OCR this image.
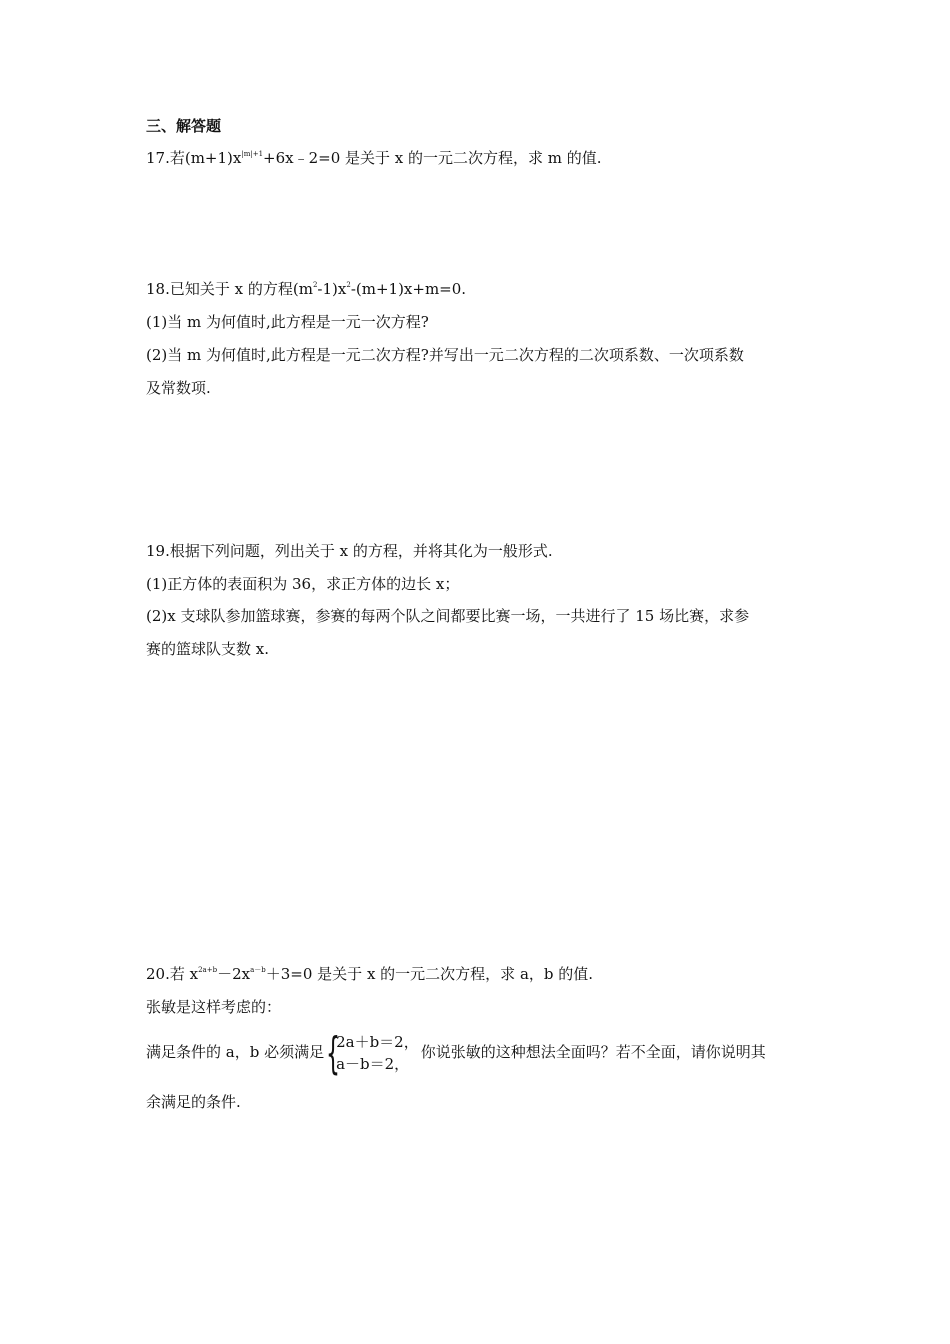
三、解答题
17.若$(m+1)x^{|m|+1}+6x﹣2=0$ 是关于 x 的一元二次方程，求 m 的值.
18.已知关于 x 的方程$(m^2-1)x^2-(m+1)x+m=0$.
(1)当 m 为何值时,此方程是一元一次方程?
(2)当 m 为何值时,此方程是一元二次方程?并写出一元二次方程的二次项系数、一次项系数
及常数项.
19.根据下列问题，列出关于 x 的方程，并将其化为一般形式.
(1)正方体的表面积为 36，求正方体的边长 x；
(2)x 支球队参加篮球赛，参赛的每两个队之间都要比赛一场，一共进行了 15 场比赛，求参
赛的篮球队支数 x.
20.若 $x^{2a+b}-2x^{a-b}+3=0$ 是关于 x 的一元二次方程，求 a，b 的值.
张敏是这样考虑的：
满足条件的 a，b 必须满足 {
2a＋b＝2，
a－b＝2，
你说张敏的这种想法全面吗？若不全面，请你说明其
余满足的条件.
